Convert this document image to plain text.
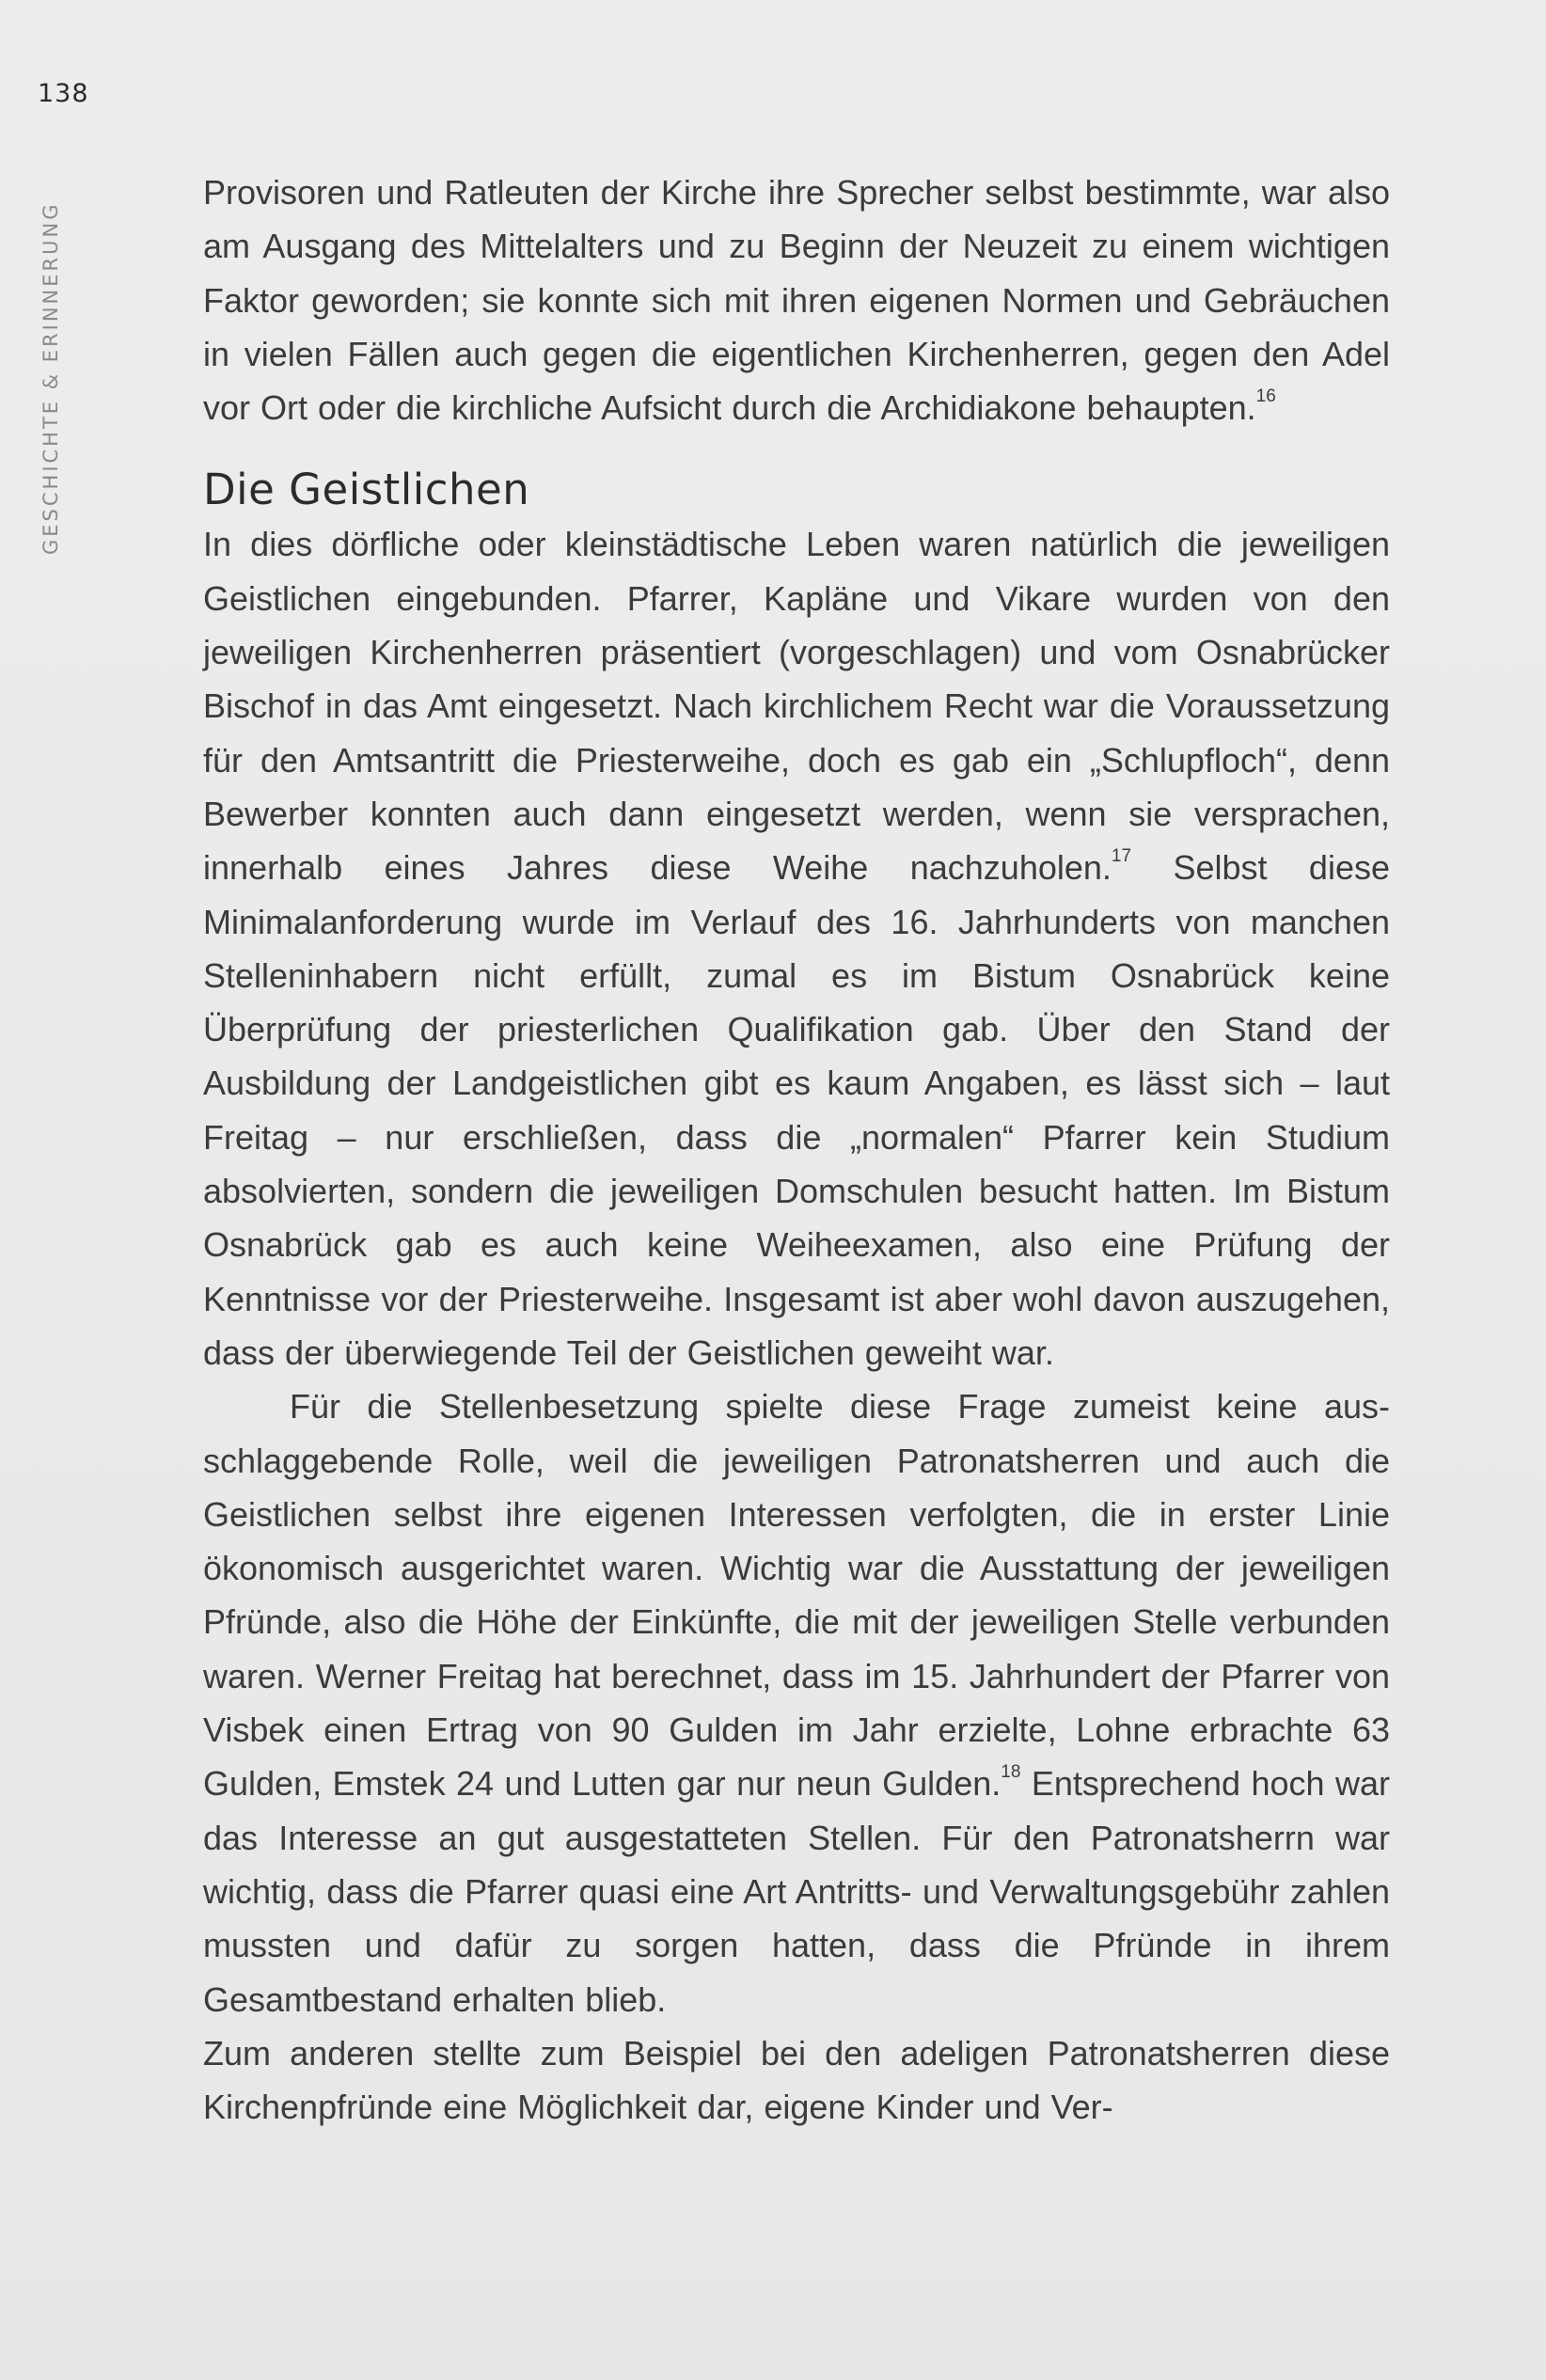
138
GESCHICHTE & ERINNERUNG

Provisoren und Ratleuten der Kirche ihre Sprecher selbst bestimmte, war also am Ausgang des Mittelalters und zu Beginn der Neuzeit zu einem wichtigen Faktor geworden; sie konnte sich mit ihren eigenen Normen und Gebräuchen in vielen Fällen auch gegen die eigentlichen Kirchenherren, gegen den Adel vor Ort oder die kirchliche Aufsicht durch die Archidiakone behaupten.$^{16}$

Die Geistlichen

In dies dörfliche oder kleinstädtische Leben waren natürlich die jeweiligen Geistlichen eingebunden. Pfarrer, Kapläne und Vikare wurden von den jeweiligen Kirchenherren präsentiert (vorgeschlagen) und vom Osnabrücker Bischof in das Amt eingesetzt. Nach kirchlichem Recht war die Voraussetzung für den Amtsantritt die Priesterweihe, doch es gab ein „Schlupfloch“, denn Bewerber konnten auch dann eingesetzt werden, wenn sie versprachen, innerhalb eines Jahres diese Weihe nachzuholen.$^{17}$ Selbst diese Minimalanforderung wurde im Verlauf des 16. Jahrhunderts von manchen Stelleninhabern nicht erfüllt, zumal es im Bistum Osnabrück keine Überprüfung der priesterlichen Qualifikation gab. Über den Stand der Ausbildung der Landgeistlichen gibt es kaum Angaben, es lässt sich – laut Freitag – nur erschließen, dass die „normalen“ Pfarrer kein Studium absolvierten, sondern die jeweiligen Domschulen besucht hatten. Im Bistum Osnabrück gab es auch keine Weiheexamen, also eine Prüfung der Kenntnisse vor der Priesterweihe. Insgesamt ist aber wohl davon auszugehen, dass der überwiegende Teil der Geistlichen geweiht war.

Für die Stellenbesetzung spielte diese Frage zumeist keine ausschlaggebende Rolle, weil die jeweiligen Patronatsherren und auch die Geistlichen selbst ihre eigenen Interessen verfolgten, die in erster Linie ökonomisch ausgerichtet waren. Wichtig war die Ausstattung der jeweiligen Pfründe, also die Höhe der Einkünfte, die mit der jeweiligen Stelle verbunden waren. Werner Freitag hat berechnet, dass im 15. Jahrhundert der Pfarrer von Visbek einen Ertrag von 90 Gulden im Jahr erzielte, Lohne erbrachte 63 Gulden, Emstek 24 und Lutten gar nur neun Gulden.$^{18}$ Entsprechend hoch war das Interesse an gut ausgestatteten Stellen. Für den Patronatsherrn war wichtig, dass die Pfarrer quasi eine Art Antritts- und Verwaltungsgebühr zahlen mussten und dafür zu sorgen hatten, dass die Pfründe in ihrem Gesamtbestand erhalten blieb.

Zum anderen stellte zum Beispiel bei den adeligen Patronatsherren diese Kirchenpfründe eine Möglichkeit dar, eigene Kinder und Ver-
